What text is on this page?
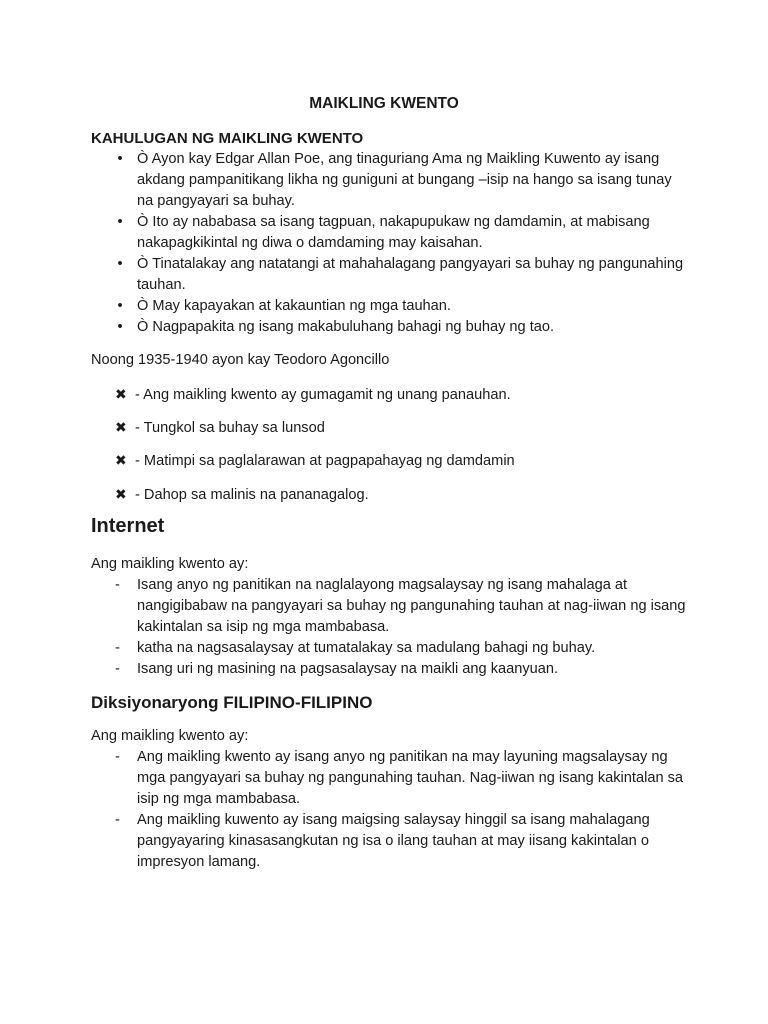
MAIKLING KWENTO
KAHULUGAN NG MAIKLING KWENTO
• Ò Ayon kay Edgar Allan Poe, ang tinaguriang Ama ng Maikling Kuwento ay isang akdang pampanitikang likha ng guniguni at bungang –isip na hango sa isang tunay na pangyayari sa buhay.
• Ò Ito ay nababasa sa isang tagpuan, nakapupukaw ng damdamin, at mabisang nakapagkikintal ng diwa o damdaming may kaisahan.
• Ò Tinatalakay ang natatangi at mahahalagang pangyayari sa buhay ng pangunahing tauhan.
• Ò May kapayakan at kakauntian ng mga tauhan.
• Ò Nagpapakita ng isang makabuluhang bahagi ng buhay ng tao.
Noong 1935-1940 ayon kay Teodoro Agoncillo
✖ - Ang maikling kwento ay gumagamit ng unang panauhan.
✖ - Tungkol sa buhay sa lunsod
✖ - Matimpi sa paglalarawan at pagpapahayag ng damdamin
✖ - Dahop sa malinis na pananagalog.
Internet
Ang maikling kwento ay:
- Isang anyo ng panitikan na naglalayong magsalaysay ng isang mahalaga at nangigibabaw na pangyayari sa buhay ng pangunahing tauhan at nag-iiwan ng isang kakintalan sa isip ng mga mambabasa.
- katha na nagsasalaysay at tumatalakay sa madulang bahagi ng buhay.
- Isang uri ng masining na pagsasalaysay na maikli ang kaanyuan.
Diksiyonaryong FILIPINO-FILIPINO
Ang maikling kwento ay:
- Ang maikling kwento ay isang anyo ng panitikan na may layuning magsalaysay ng mga pangyayari sa buhay ng pangunahing tauhan. Nag-iiwan ng isang kakintalan sa isip ng mga mambabasa.
- Ang maikling kuwento ay isang maigsing salaysay hinggil sa isang mahalagang pangyayaring kinasasangkutan ng isa o ilang tauhan at may iisang kakintalan o impresyon lamang.
